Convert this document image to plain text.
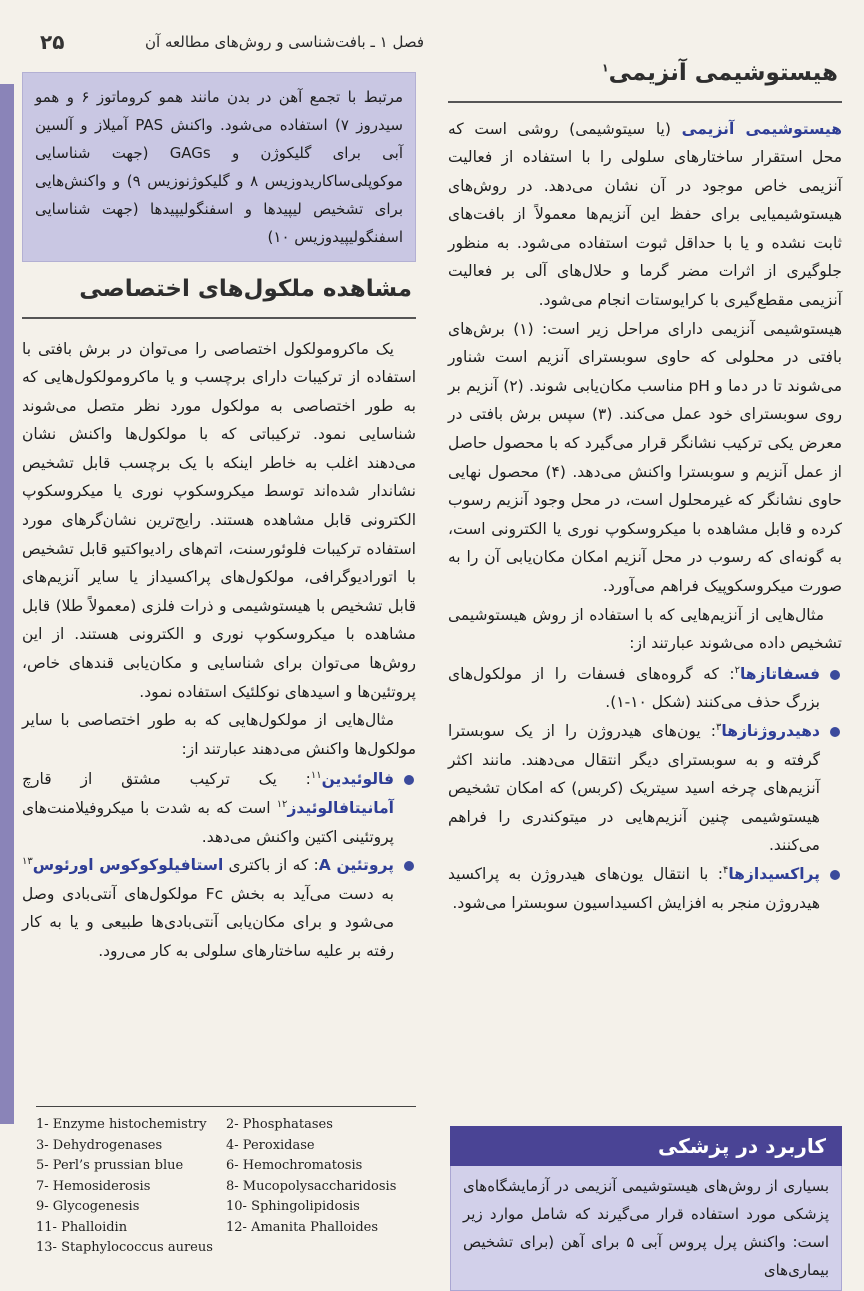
فصل ۱ ـ بافت‌شناسی و روش‌های مطالعه آن
۲۵
هیستوشیمی آنزیمی$^۱$

هیستوشیمی آنزیمی (یا سیتوشیمی) روشی است که محل استقرار ساختارهای سلولی را با استفاده از فعالیت آنزیمی خاص موجود در آن نشان می‌دهد. در روش‌های هیستوشیمیایی برای حفظ این آنزیم‌ها معمولاً از بافت‌های ثابت نشده و یا با حداقل ثبوت استفاده می‌شود. به منظور جلوگیری از اثرات مضر گرما و حلال‌های آلی بر فعالیت آنزیمی مقطع‌گیری با کرایوستات انجام می‌شود.

هیستوشیمی آنزیمی دارای مراحل زیر است: (۱) برش‌های بافتی در محلولی که حاوی سوبسترای آنزیم است شناور می‌شوند تا در دما و pH مناسب مکان‌یابی شوند. (۲) آنزیم بر روی سوبسترای خود عمل می‌کند. (۳) سپس برش بافتی در معرض یکی ترکیب نشانگر قرار می‌گیرد که با محصول حاصل از عمل آنزیم و سوبسترا واکنش می‌دهد. (۴) محصول نهایی حاوی نشانگر که غیرمحلول است، در محل وجود آنزیم رسوب کرده و قابل مشاهده با میکروسکوپ نوری یا الکترونی است، به گونه‌ای که رسوب در محل آنزیم امکان مکان‌یابی آن را به صورت میکروسکوپیک فراهم می‌آورد.

مثال‌هایی از آنزیم‌هایی که با استفاده از روش هیستوشیمی تشخیص داده می‌شوند عبارتند از:

فسفاتازها$^۲$: که گروه‌های فسفات را از مولکول‌های بزرگ حذف می‌کنند (شکل ۱۰-۱).
دهیدروژنازها$^۳$: یون‌های هیدروژن را از یک سوبسترا گرفته و به سوبسترای دیگر انتقال می‌دهند. مانند اکثر آنزیم‌های چرخه اسید سیتریک (کربس) که امکان تشخیص هیستوشیمی چنین آنزیم‌هایی در میتوکندری را فراهم می‌کنند.
پراکسیدازها$^۴$: با انتقال یون‌های هیدروژن به پراکسید هیدروژن منجر به افزایش اکسیداسیون سوبسترا می‌شود.

مرتبط با تجمع آهن در بدن مانند همو کروماتوز ۶ و همو سیدروز ۷) استفاده می‌شود. واکنش PAS آمیلاز و آلسین آبی برای گلیکوژن و GAGs (جهت شناسایی موکوپلی‌ساکاریدوزیس ۸ و گلیکوژنوزیس ۹) و واکنش‌هایی برای تشخیص لیپیدها و اسفنگولیپیدها (جهت شناسایی اسفنگولیپیدوزیس ۱۰)

مشاهده ملکول‌های اختصاصی

یک ماکرومولکول اختصاصی را می‌توان در برش بافتی با استفاده از ترکیبات دارای برچسب و یا ماکرومولکول‌هایی که به طور اختصاصی به مولکول مورد نظر متصل می‌شوند شناسایی نمود. ترکیباتی که با مولکول‌ها واکنش نشان می‌دهند اغلب به خاطر اینکه با یک برچسب قابل تشخیص نشاندار شده‌اند توسط میکروسکوپ نوری یا میکروسکوپ الکترونی قابل مشاهده هستند. رایج‌ترین نشان‌گرهای مورد استفاده ترکیبات فلوئورسنت، اتم‌های رادیواکتیو قابل تشخیص با اتورادیوگرافی، مولکول‌های پراکسیداز یا سایر آنزیم‌های قابل تشخیص با هیستوشیمی و ذرات فلزی (معمولاً طلا) قابل مشاهده با میکروسکوپ نوری و الکترونی هستند. از این روش‌ها می‌توان برای شناسایی و مکان‌یابی قندهای خاص، پروتئین‌ها و اسیدهای نوکلئیک استفاده نمود.

مثال‌هایی از مولکول‌هایی که به طور اختصاصی با سایر مولکول‌ها واکنش می‌دهند عبارتند از:

فالوئیدین$^{۱۱}$: یک ترکیب مشتق از قارچ آمانیتافالوئیدز$^{۱۲}$ است که به شدت با میکروفیلامنت‌های پروتئینی اکتین واکنش می‌دهد.
پروتئین A: که از باکتری استافیلوکوکوس اورئوس$^{۱۳}$ به دست می‌آید به بخش Fc مولکول‌های آنتی‌بادی وصل می‌شود و برای مکان‌یابی آنتی‌بادی‌ها طبیعی و یا به کار رفته بر علیه ساختارهای سلولی به کار می‌رود.
1- Enzyme histochemistry	2- Phosphatases
3- Dehydrogenases	4- Peroxidase
5- Perl’s prussian blue	6- Hemochromatosis
7- Hemosiderosis	8- Mucopolysaccharidosis
9- Glycogenesis	10- Sphingolipidosis
11- Phalloidin	12- Amanita Phalloides
13- Staphylococcus aureus
کاربرد در پزشکی

بسیاری از روش‌های هیستوشیمی آنزیمی در آزمایشگاه‌های پزشکی مورد استفاده قرار می‌گیرند که شامل موارد زیر است: واکنش پرل پروس آبی ۵ برای آهن (برای تشخیص بیماری‌های
